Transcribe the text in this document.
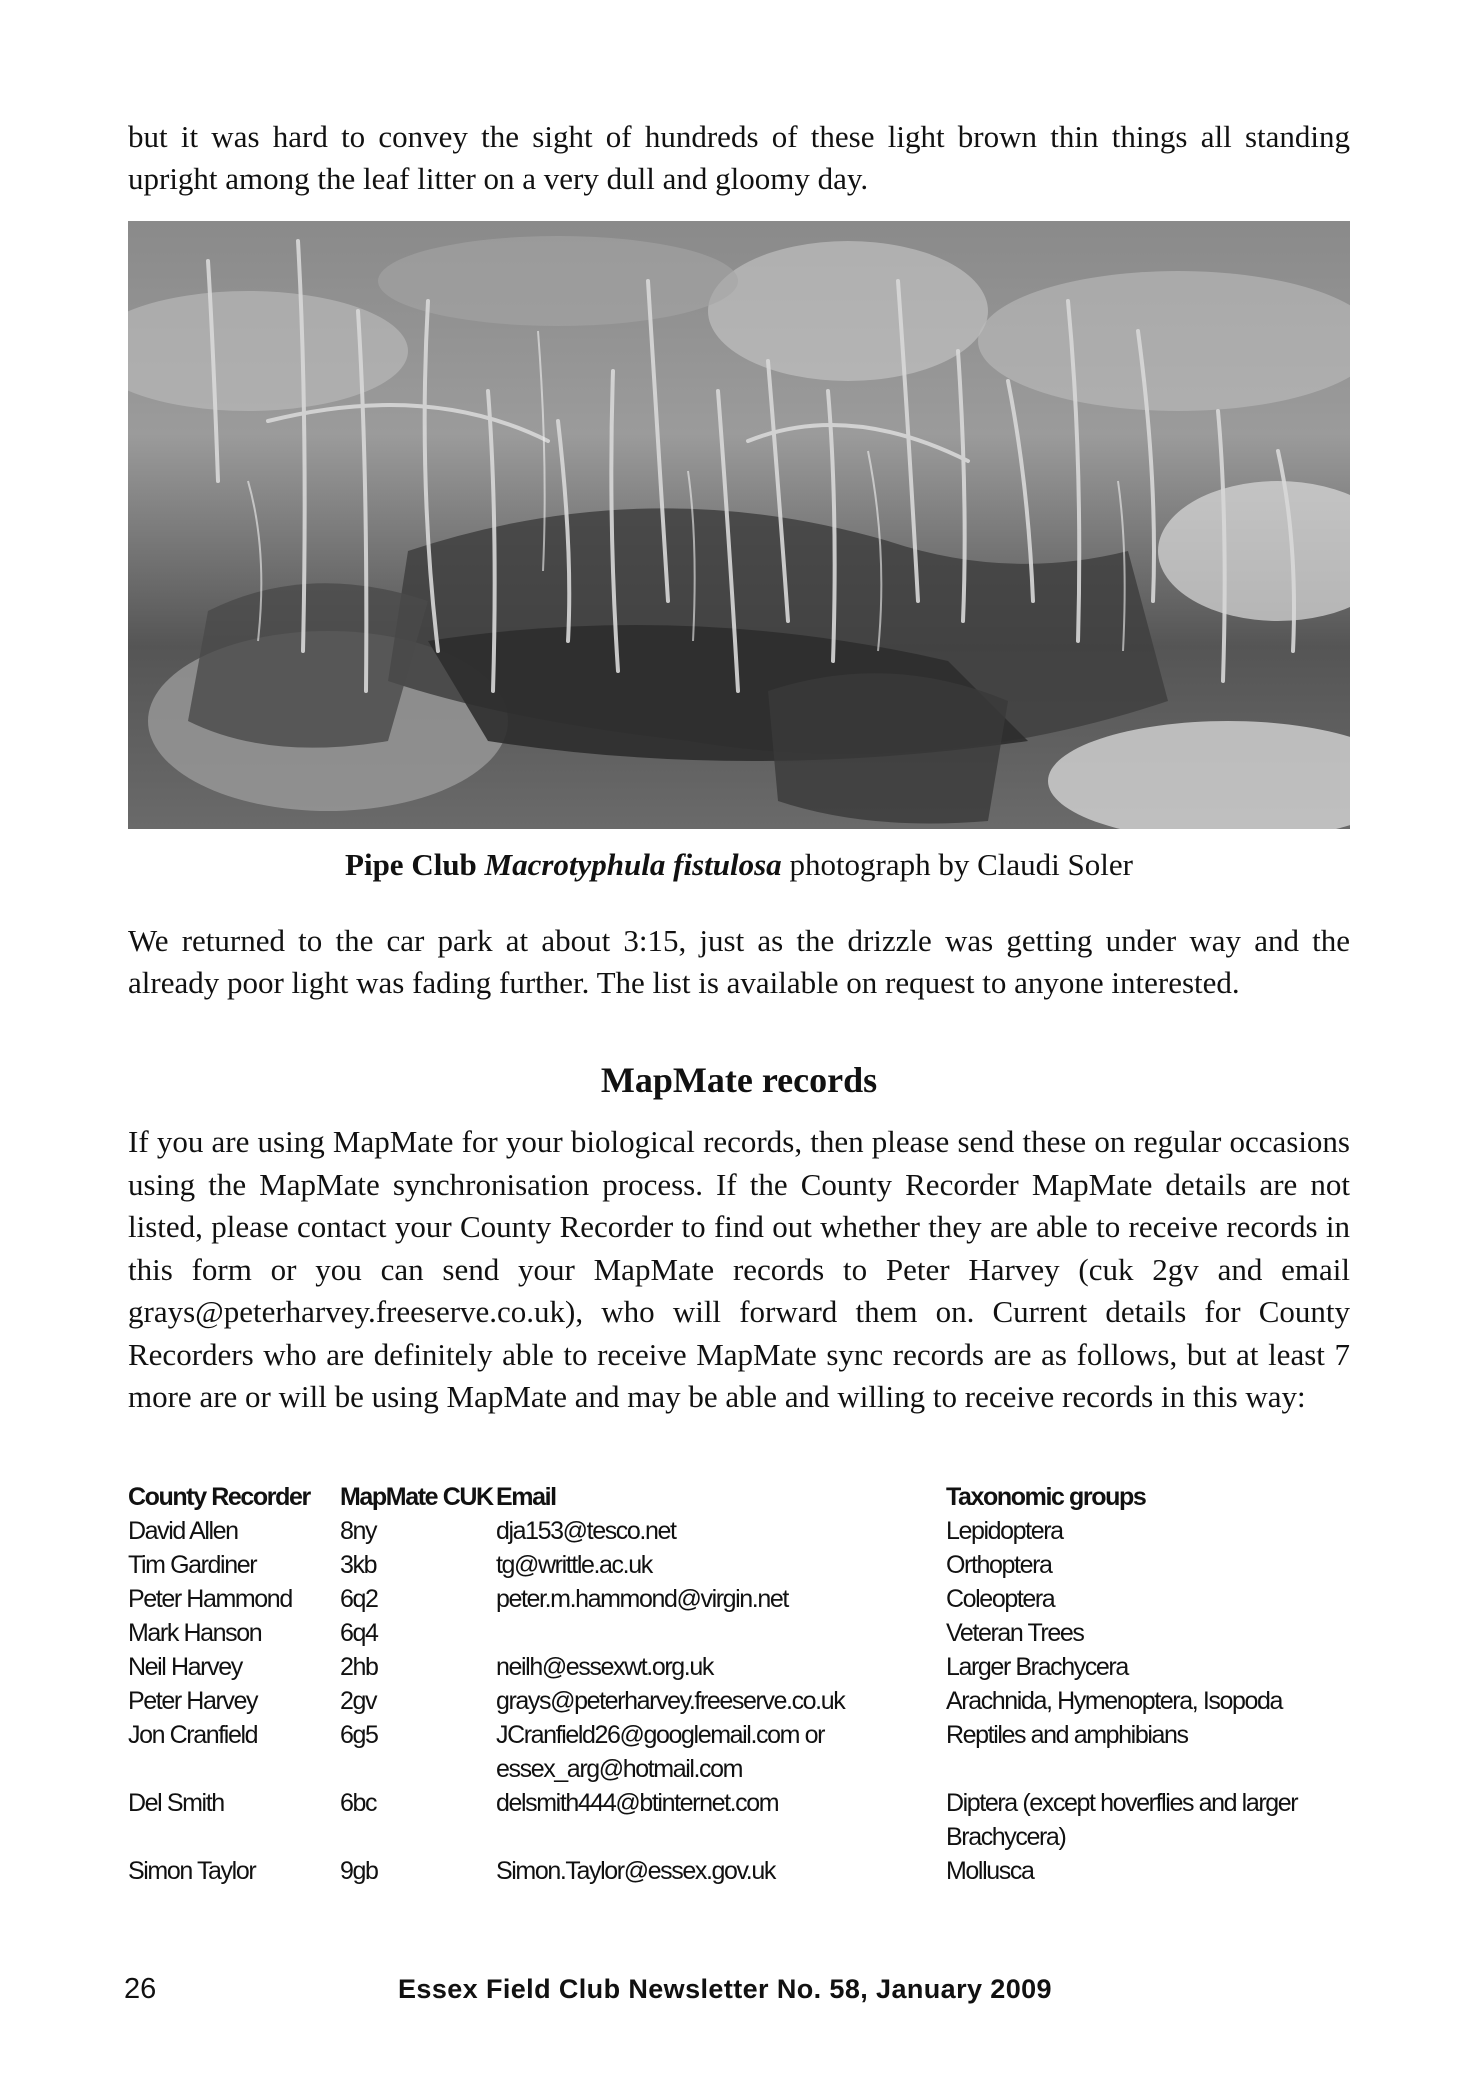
but it was hard to convey the sight of hundreds of these light brown thin things all standing upright among the leaf litter on a very dull and gloomy day.
Pipe Club Macrotyphula fistulosa photograph by Claudi Soler
We returned to the car park at about 3:15, just as the drizzle was getting under way and the already poor light was fading further. The list is available on request to anyone interested.
MapMate records
If you are using MapMate for your biological records, then please send these on regular occasions using the MapMate synchronisation process. If the County Recorder MapMate details are not listed, please contact your County Recorder to find out whether they are able to receive records in this form or you can send your MapMate records to Peter Harvey (cuk 2gv and email grays@peterharvey.freeserve.co.uk), who will forward them on. Current details for County Recorders who are definitely able to receive MapMate sync records are as follows, but at least 7 more are or will be using MapMate and may be able and willing to receive records in this way:
County Recorder	MapMate CUK	Email	Taxonomic groups
David Allen	8ny	dja153@tesco.net	Lepidoptera
Tim Gardiner	3kb	tg@writtle.ac.uk	Orthoptera
Peter Hammond	6q2	peter.m.hammond@virgin.net	Coleoptera
Mark Hanson	6q4		Veteran Trees
Neil Harvey	2hb	neilh@essexwt.org.uk	Larger Brachycera
Peter Harvey	2gv	grays@peterharvey.freeserve.co.uk	Arachnida, Hymenoptera, Isopoda
Jon Cranfield	6g5	JCranfield26@googlemail.com or essex_arg@hotmail.com	Reptiles and amphibians
Del Smith	6bc	delsmith444@btinternet.com	Diptera (except hoverflies and larger Brachycera)
Simon Taylor	9gb	Simon.Taylor@essex.gov.uk	Mollusca
26	Essex Field Club Newsletter No. 58, January 2009
